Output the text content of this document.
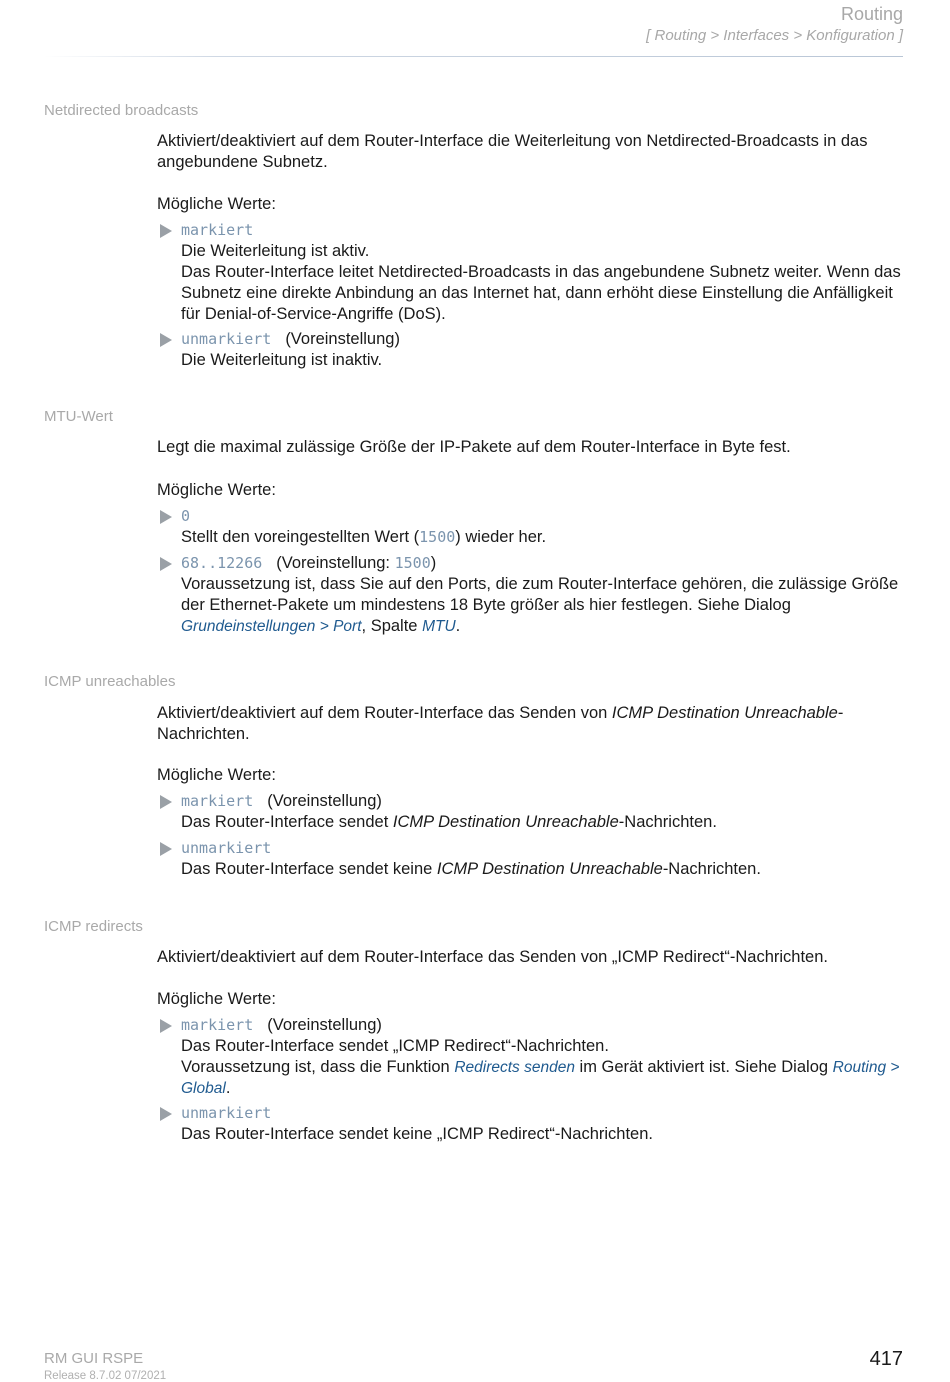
Routing
[ Routing > Interfaces > Konfiguration ]
Netdirected broadcasts

Aktiviert/deaktiviert auf dem Router-Interface die Weiterleitung von Netdirected-Broadcasts in das angebundene Subnetz.

Mögliche Werte:

markiert
Die Weiterleitung ist aktiv.
Das Router-Interface leitet Netdirected-Broadcasts in das angebundene Subnetz weiter. Wenn das Subnetz eine direkte Anbindung an das Internet hat, dann erhöht diese Einstellung die Anfälligkeit für Denial-of-Service-Angriffe (DoS).
unmarkiert (Voreinstellung)
Die Weiterleitung ist inaktiv.
MTU-Wert

Legt die maximal zulässige Größe der IP-Pakete auf dem Router-Interface in Byte fest.

Mögliche Werte:

0
Stellt den voreingestellten Wert (1500) wieder her.
68..12266 (Voreinstellung: 1500)
Voraussetzung ist, dass Sie auf den Ports, die zum Router-Interface gehören, die zulässige Größe der Ethernet-Pakete um mindestens 18 Byte größer als hier festlegen. Siehe Dialog Grundeinstellungen > Port, Spalte MTU.
ICMP unreachables

Aktiviert/deaktiviert auf dem Router-Interface das Senden von ICMP Destination Unreachable-Nachrichten.

Mögliche Werte:

markiert (Voreinstellung)
Das Router-Interface sendet ICMP Destination Unreachable-Nachrichten.
unmarkiert
Das Router-Interface sendet keine ICMP Destination Unreachable-Nachrichten.
ICMP redirects

Aktiviert/deaktiviert auf dem Router-Interface das Senden von „ICMP Redirect“-Nachrichten.

Mögliche Werte:

markiert (Voreinstellung)
Das Router-Interface sendet „ICMP Redirect“-Nachrichten.
Voraussetzung ist, dass die Funktion Redirects senden im Gerät aktiviert ist. Siehe Dialog Routing > Global.
unmarkiert
Das Router-Interface sendet keine „ICMP Redirect“-Nachrichten.
RM GUI RSPE
Release 8.7.02 07/2021
417
